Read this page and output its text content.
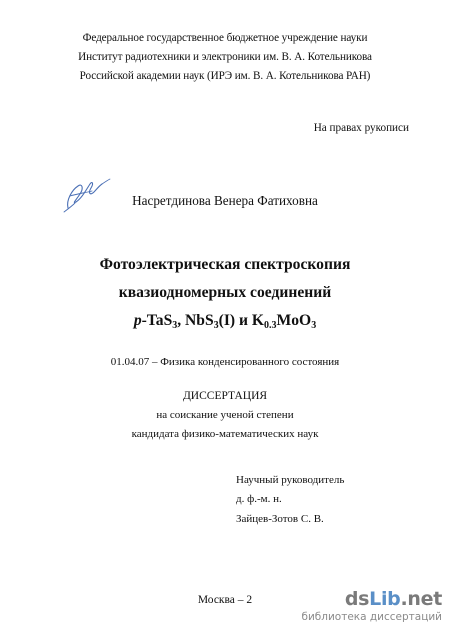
Федеральное государственное бюджетное учреждение науки
Институт радиотехники и электроники им. В. А. Котельникова
Российской академии наук (ИРЭ им. В. А. Котельникова РАН)
На правах рукописи
Насретдинова Венера Фатиховна
Фотоэлектрическая спектроскопия
квазиодномерных соединений
p-TaS$_3$, NbS$_3$(I) и $K_{0.3}MoO_3$
01.04.07 – Физика конденсированного состояния
ДИССЕРТАЦИЯ
на соискание ученой степени
кандидата физико-математических наук
Научный руководитель
д. ф.-м. н.
Зайцев-Зотов С. В.
Москва – 2	dsLib.net
библиотека диссертаций
